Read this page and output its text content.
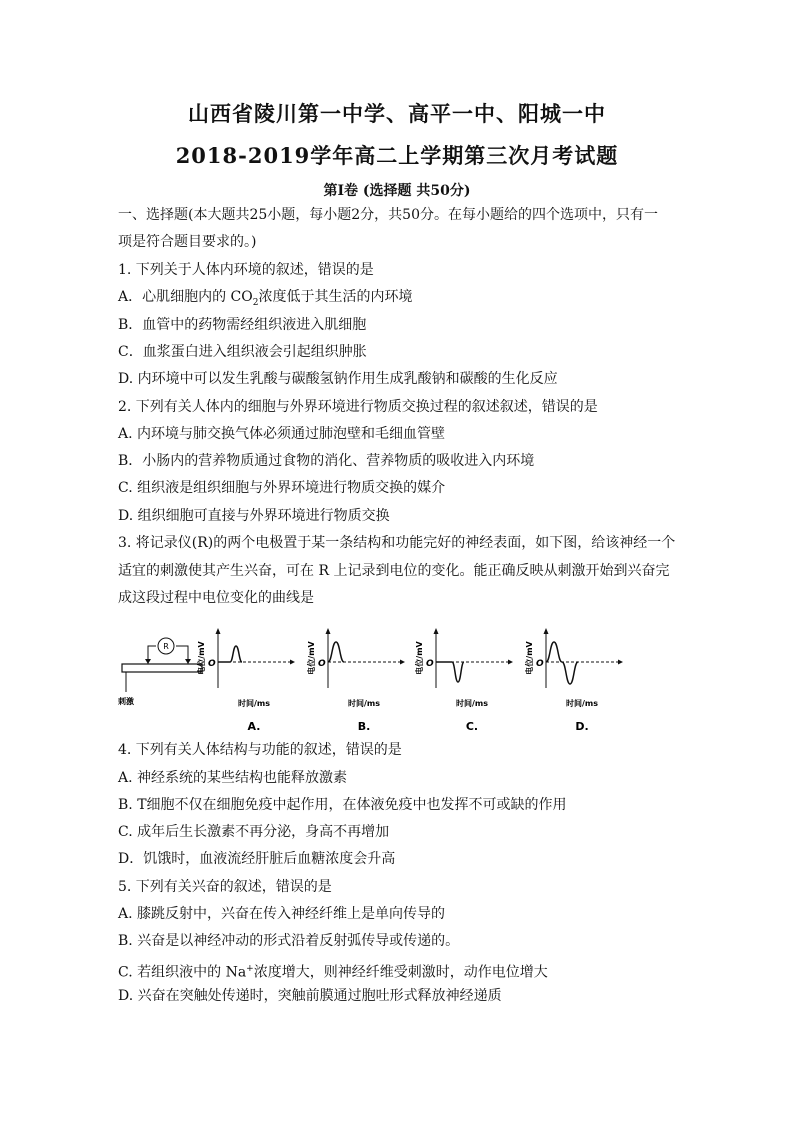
山西省陵川第一中学、高平一中、阳城一中
2018-2019学年高二上学期第三次月考试题
第Ⅰ卷 (选择题 共50分)
一、选择题(本大题共25小题，每小题2分，共50分。在每小题给的四个选项中，只有一
项是符合题目要求的。)
1. 下列关于人体内环境的叙述，错误的是
A．心肌细胞内的 $CO_2$浓度低于其生活的内环境
B．血管中的药物需经组织液进入肌细胞
C．血浆蛋白进入组织液会引起组织肿胀
D. 内环境中可以发生乳酸与碳酸氢钠作用生成乳酸钠和碳酸的生化反应
2. 下列有关人体内的细胞与外界环境进行物质交换过程的叙述叙述，错误的是
A. 内环境与肺交换气体必须通过肺泡壁和毛细血管壁
B．小肠内的营养物质通过食物的消化、营养物质的吸收进入内环境
C. 组织液是组织细胞与外界环境进行物质交换的媒介
D. 组织细胞可直接与外界环境进行物质交换
3. 将记录仪(R)的两个电极置于某一条结构和功能完好的神经表面，如下图，给该神经一个
适宜的刺激使其产生兴奋，可在 R 上记录到电位的变化。能正确反映从刺激开始到兴奋完
成这段过程中电位变化的曲线是
R
刺激
O
电位/mV
时间/ms
A.
O
电位/mV
时间/ms
B.
O
电位/mV
时间/ms
C.
O
电位/mV
时间/ms
D.
4. 下列有关人体结构与功能的叙述，错误的是
A. 神经系统的某些结构也能释放激素
B. T细胞不仅在细胞免疫中起作用，在体液免疫中也发挥不可或缺的作用
C. 成年后生长激素不再分泌，身高不再增加
D．饥饿时，血液流经肝脏后血糖浓度会升高
5. 下列有关兴奋的叙述，错误的是
A. 膝跳反射中，兴奋在传入神经纤维上是单向传导的
B. 兴奋是以神经冲动的形式沿着反射弧传导或传递的。
C. 若组织液中的 Na+浓度增大，则神经纤维受刺激时，动作电位增大
D. 兴奋在突触处传递时，突触前膜通过胞吐形式释放神经递质
